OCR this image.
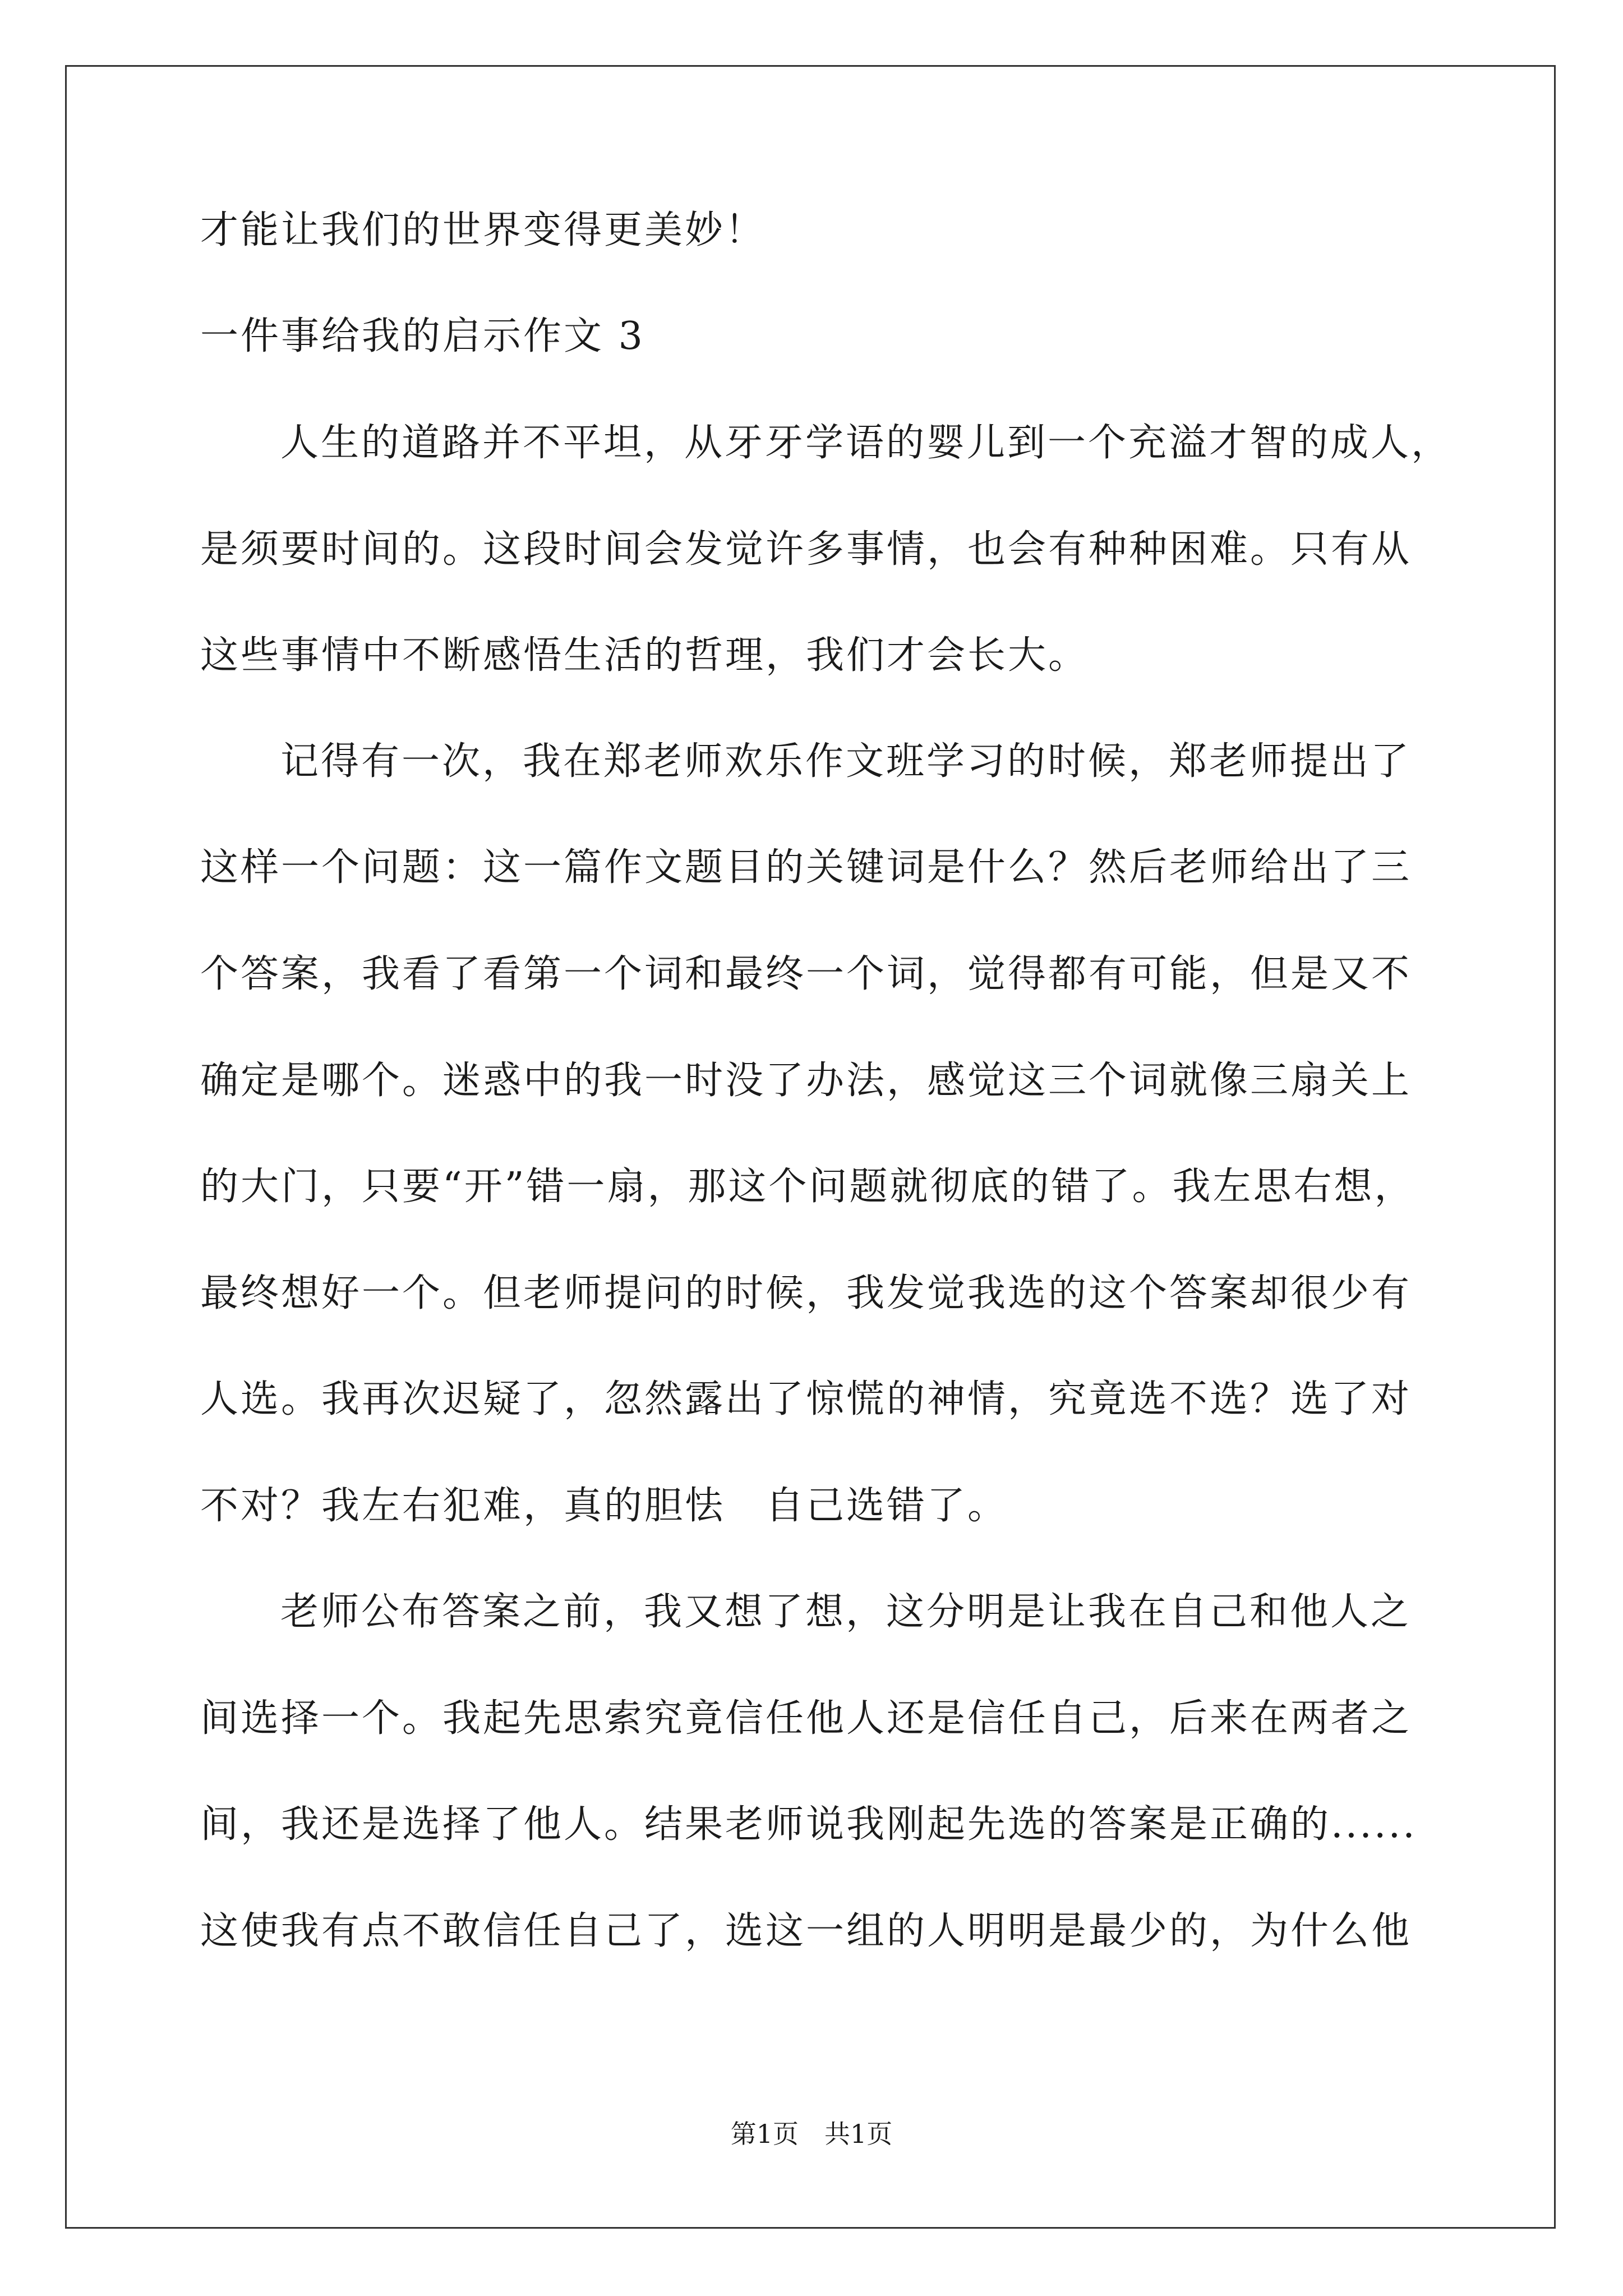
才能让我们的世界变得更美妙！
一件事给我的启示作文 3
人生的道路并不平坦，从牙牙学语的婴儿到一个充溢才智的成人，
是须要时间的。这段时间会发觉许多事情，也会有种种困难。只有从
这些事情中不断感悟生活的哲理，我们才会长大。
记得有一次，我在郑老师欢乐作文班学习的时候，郑老师提出了
这样一个问题：这一篇作文题目的关键词是什么？然后老师给出了三
个答案，我看了看第一个词和最终一个词，觉得都有可能，但是又不
确定是哪个。迷惑中的我一时没了办法，感觉这三个词就像三扇关上
的大门，只要“开”错一扇，那这个问题就彻底的错了。我左思右想，
最终想好一个。但老师提问的时候，我发觉我选的这个答案却很少有
人选。我再次迟疑了，忽然露出了惊慌的神情，究竟选不选？选了对
不对？我左右犯难，真的胆怯　自己选错了。
老师公布答案之前，我又想了想，这分明是让我在自己和他人之
间选择一个。我起先思索究竟信任他人还是信任自己，后来在两者之
间，我还是选择了他人。结果老师说我刚起先选的答案是正确的......
这使我有点不敢信任自己了，选这一组的人明明是最少的，为什么他
第1页　共1页
